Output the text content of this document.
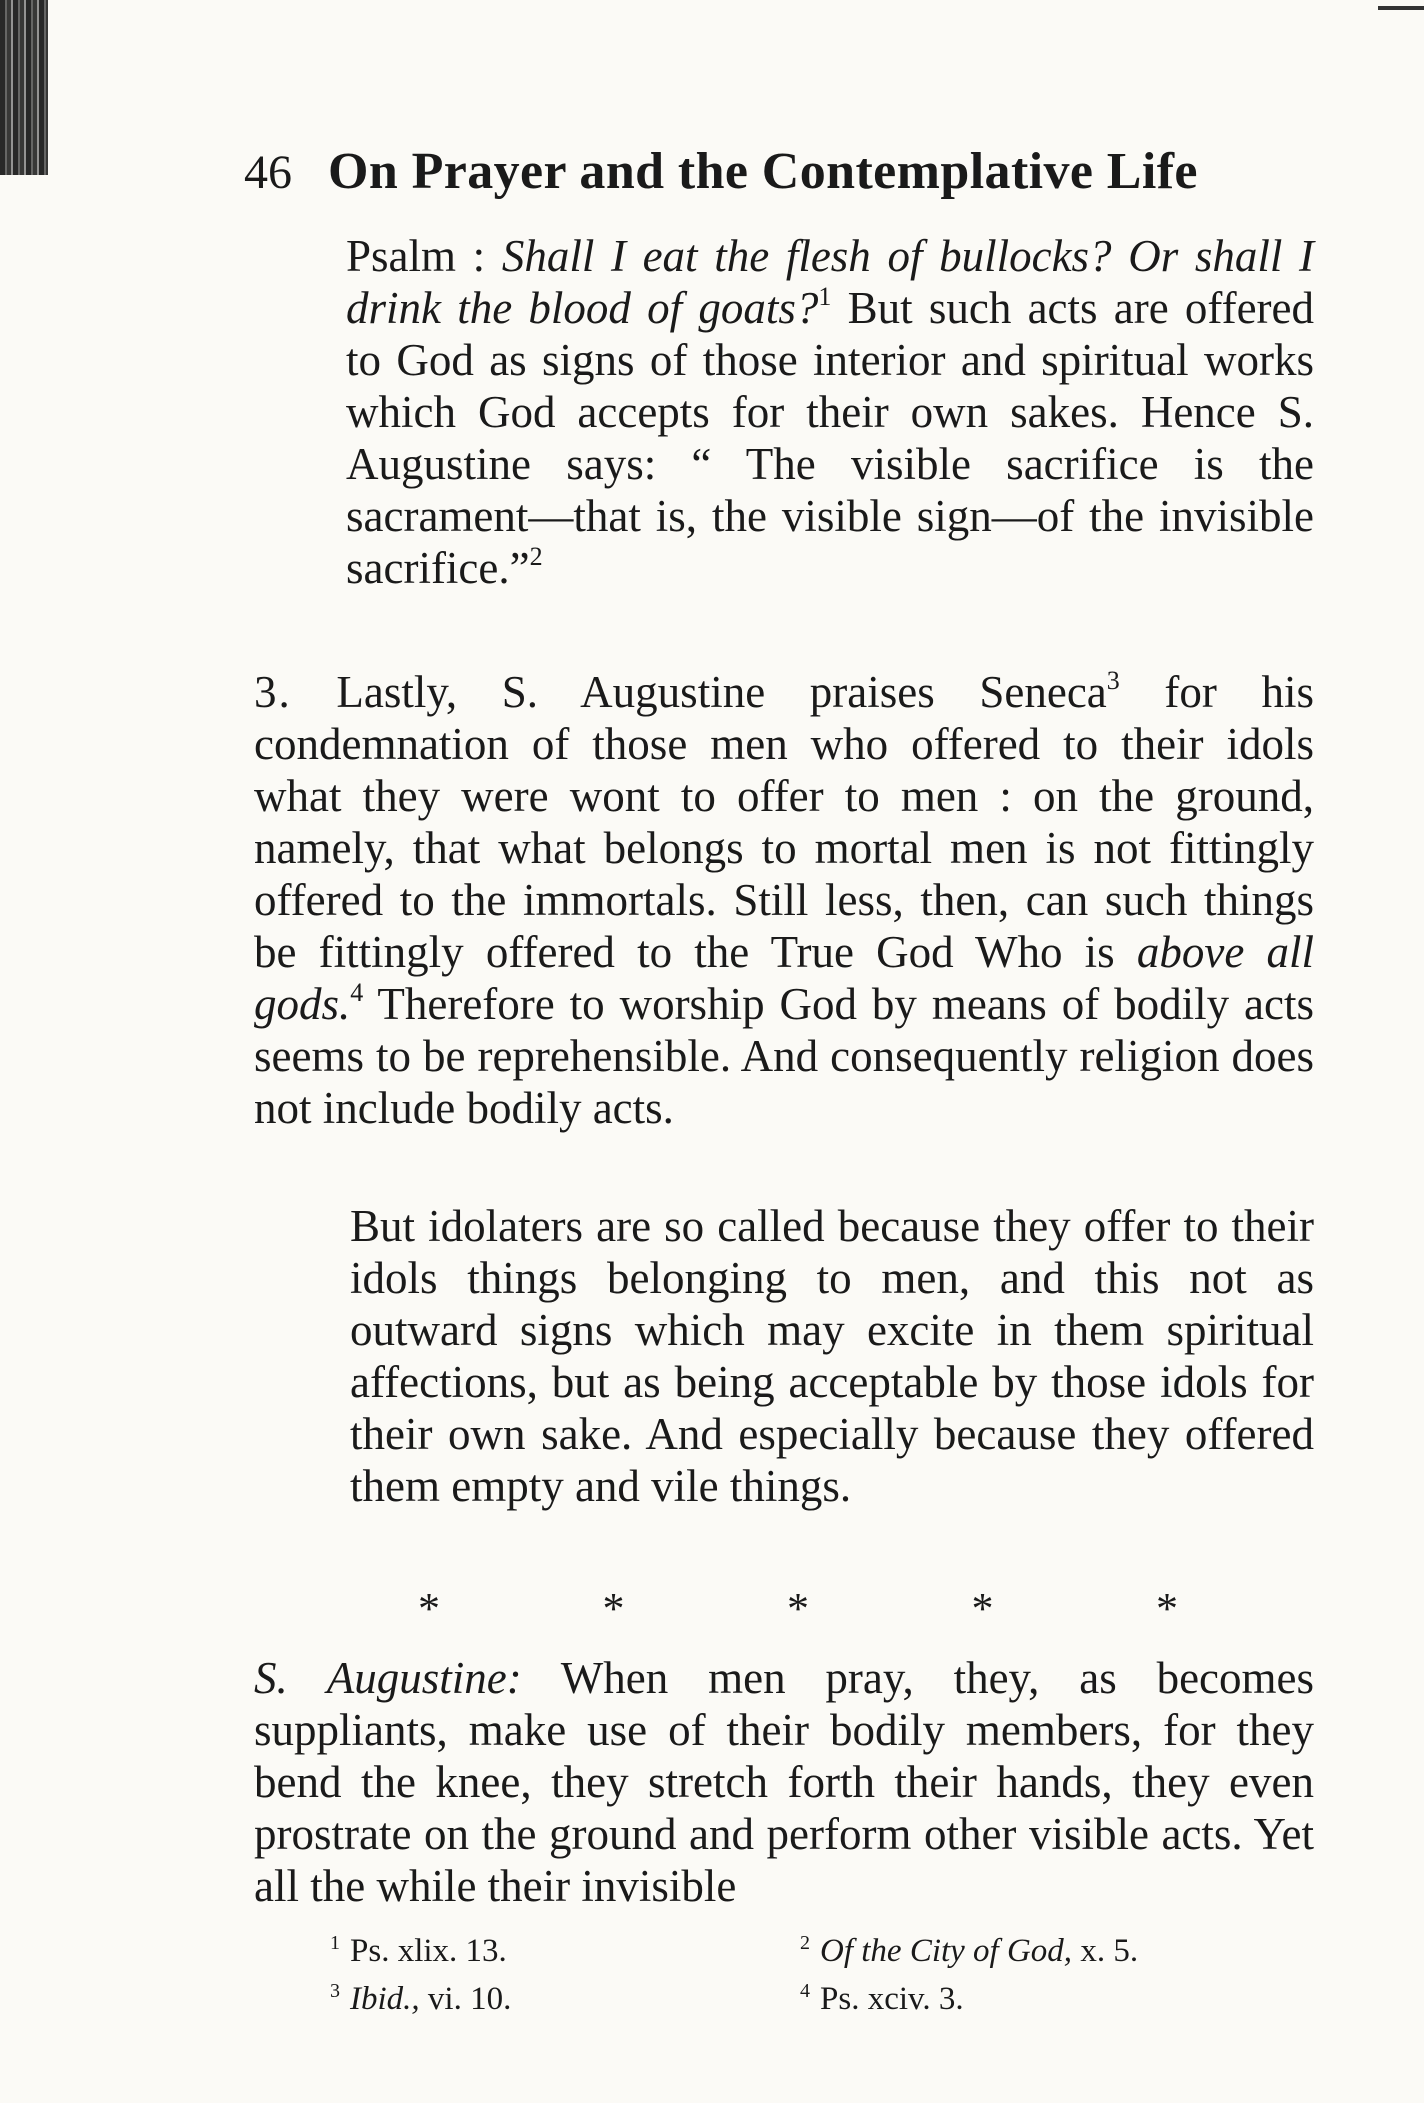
46 On Prayer and the Contemplative Life

Psalm : Shall I eat the flesh of bullocks? Or shall I drink the blood of goats?$^1$ But such acts are offered to God as signs of those interior and spiritual works which God accepts for their own sakes. Hence S. Augustine says: “ The visible sacrifice is the sacrament—that is, the visible sign—of the invisible sacrifice.”$^2$

3. Lastly, S. Augustine praises Seneca$^3$ for his condemnation of those men who offered to their idols what they were wont to offer to men : on the ground, namely, that what belongs to mortal men is not fittingly offered to the immortals. Still less, then, can such things be fittingly offered to the True God Who is above all gods.$^4$ Therefore to worship God by means of bodily acts seems to be reprehensible. And consequently religion does not include bodily acts.

But idolaters are so called because they offer to their idols things belonging to men, and this not as outward signs which may excite in them spiritual affections, but as being acceptable by those idols for their own sake. And especially because they offered them empty and vile things.

*	*	*	*	*

S. Augustine: When men pray, they, as becomes suppliants, make use of their bodily members, for they bend the knee, they stretch forth their hands, they even prostrate on the ground and perform other visible acts. Yet all the while their invisible

$^1$ Ps. xlix. 13.	$^2$ Of the City of God, x. 5.
$^3$ Ibid., vi. 10.	$^4$ Ps. xciv. 3.
